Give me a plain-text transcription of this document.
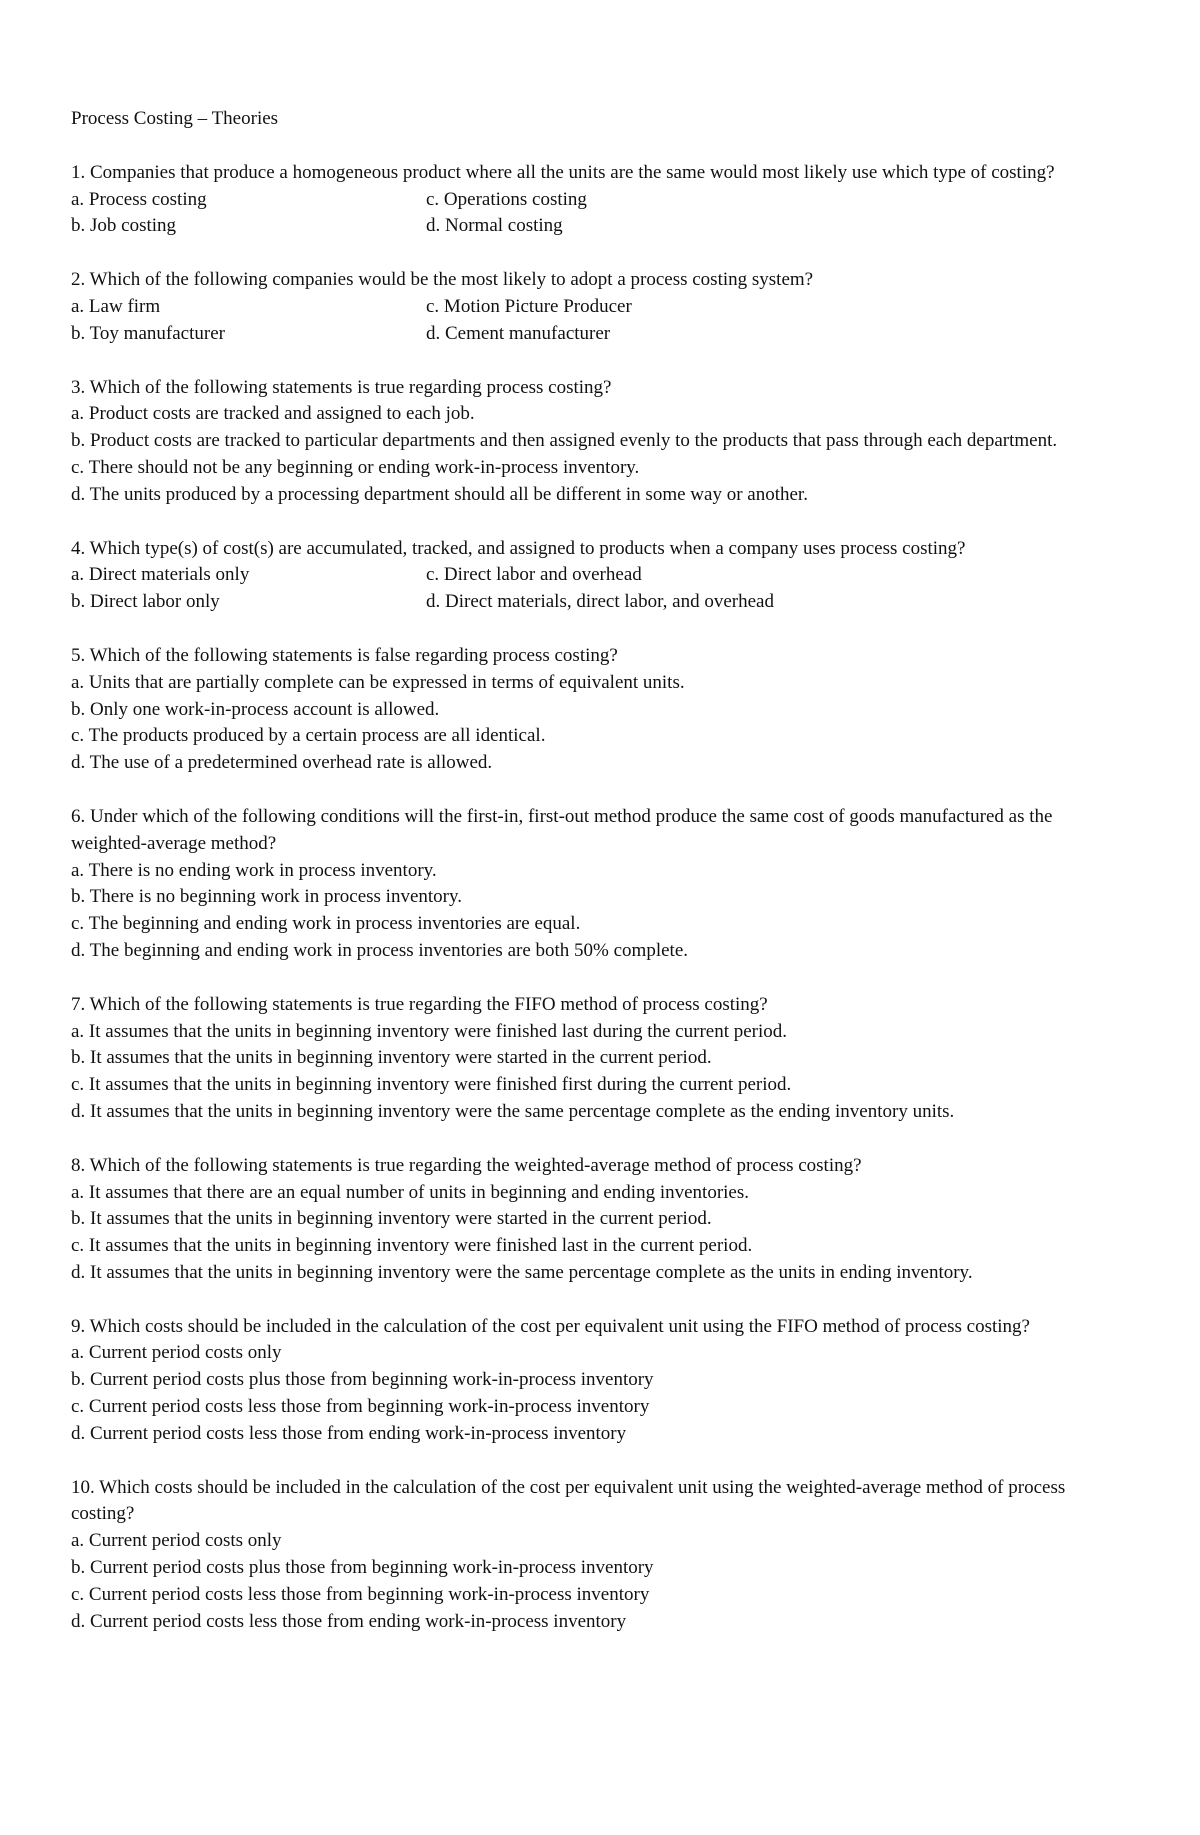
Process Costing – Theories

1. Companies that produce a homogeneous product where all the units are the same would most likely use which type of costing?

a. Process costing	c. Operations costing

b. Job costing	d. Normal costing

2. Which of the following companies would be the most likely to adopt a process costing system?

a. Law firm	c. Motion Picture Producer

b. Toy manufacturer	d. Cement manufacturer

3. Which of the following statements is true regarding process costing?

a. Product costs are tracked and assigned to each job.

b. Product costs are tracked to particular departments and then assigned evenly to the products that pass through each department.

c. There should not be any beginning or ending work-in-process inventory.

d. The units produced by a processing department should all be different in some way or another.

4. Which type(s) of cost(s) are accumulated, tracked, and assigned to products when a company uses process costing?

a. Direct materials only	c. Direct labor and overhead

b. Direct labor only	d. Direct materials, direct labor, and overhead

5. Which of the following statements is false regarding process costing?

a. Units that are partially complete can be expressed in terms of equivalent units.

b. Only one work-in-process account is allowed.

c. The products produced by a certain process are all identical.

d. The use of a predetermined overhead rate is allowed.

6. Under which of the following conditions will the first-in, first-out method produce the same cost of goods manufactured as the weighted-average method?

a. There is no ending work in process inventory.

b. There is no beginning work in process inventory.

c. The beginning and ending work in process inventories are equal.

d. The beginning and ending work in process inventories are both 50% complete.

7. Which of the following statements is true regarding the FIFO method of process costing?

a. It assumes that the units in beginning inventory were finished last during the current period.

b. It assumes that the units in beginning inventory were started in the current period.

c. It assumes that the units in beginning inventory were finished first during the current period.

d. It assumes that the units in beginning inventory were the same percentage complete as the ending inventory units.

8. Which of the following statements is true regarding the weighted-average method of process costing?

a. It assumes that there are an equal number of units in beginning and ending inventories.

b. It assumes that the units in beginning inventory were started in the current period.

c. It assumes that the units in beginning inventory were finished last in the current period.

d. It assumes that the units in beginning inventory were the same percentage complete as the units in ending inventory.

9. Which costs should be included in the calculation of the cost per equivalent unit using the FIFO method of process costing?

a. Current period costs only

b. Current period costs plus those from beginning work-in-process inventory

c. Current period costs less those from beginning work-in-process inventory

d. Current period costs less those from ending work-in-process inventory

10. Which costs should be included in the calculation of the cost per equivalent unit using the weighted-average method of process costing?

a. Current period costs only

b. Current period costs plus those from beginning work-in-process inventory

c. Current period costs less those from beginning work-in-process inventory

d. Current period costs less those from ending work-in-process inventory
